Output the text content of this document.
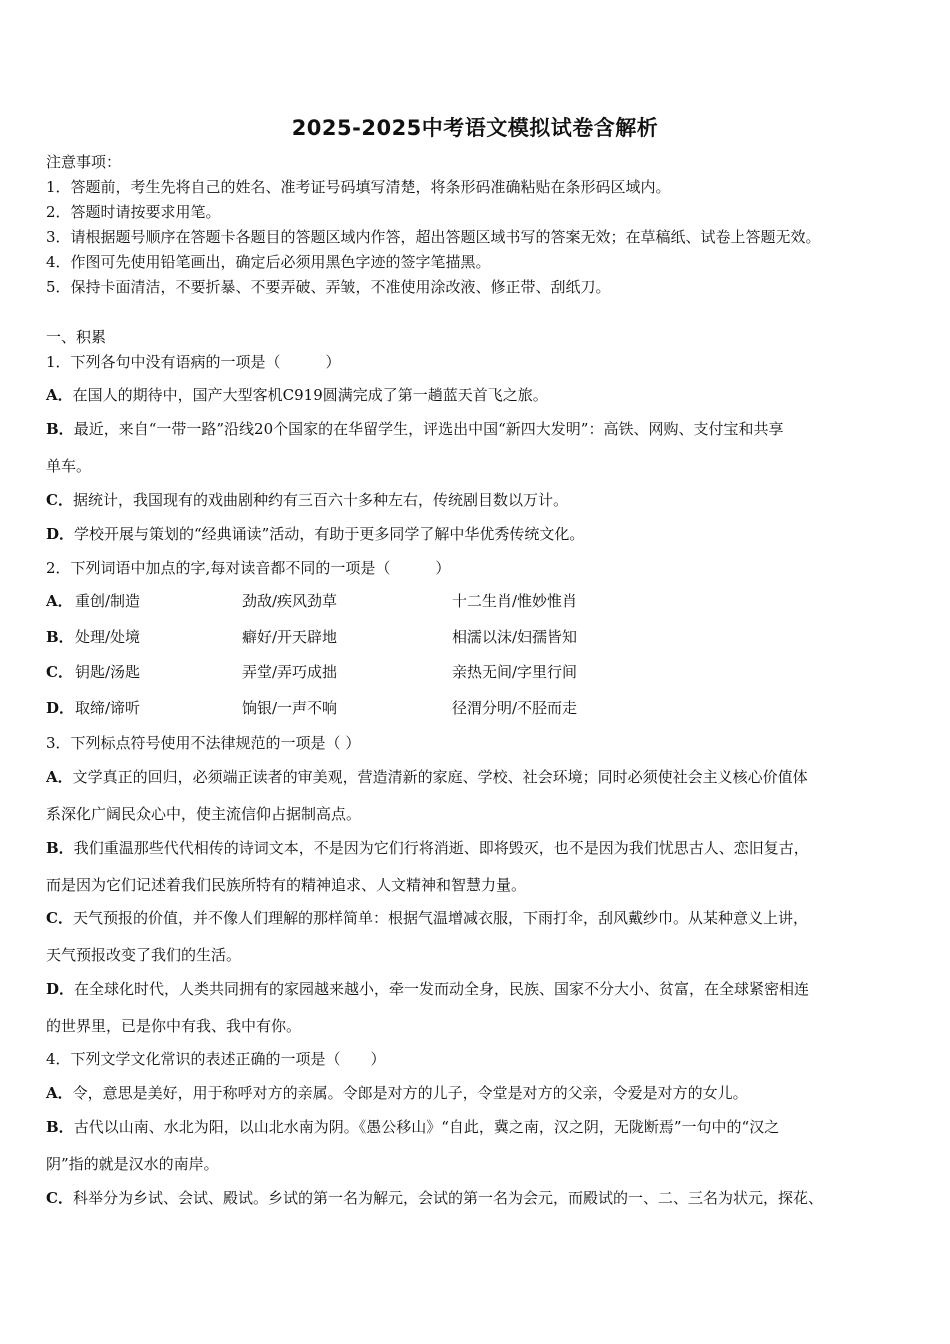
2025-2025中考语文模拟试卷含解析
注意事项：
1．答题前，考生先将自己的姓名、准考证号码填写清楚，将条形码准确粘贴在条形码区域内。
2．答题时请按要求用笔。
3．请根据题号顺序在答题卡各题目的答题区域内作答，超出答题区域书写的答案无效；在草稿纸、试卷上答题无效。
4．作图可先使用铅笔画出，确定后必须用黑色字迹的签字笔描黑。
5．保持卡面清洁，不要折暴、不要弄破、弄皱，不准使用涂改液、修正带、刮纸刀。
一、积累
1．下列各句中没有语病的一项是（　　　）
A．在国人的期待中，国产大型客机C919圆满完成了第一趟蓝天首飞之旅。
B．最近，来自“一带一路”沿线20个国家的在华留学生，评选出中国“新四大发明”：高铁、网购、支付宝和共享
单车。
C．据统计，我国现有的戏曲剧种约有三百六十多种左右，传统剧目数以万计。
D．学校开展与策划的“经典诵读”活动，有助于更多同学了解中华优秀传统文化。
2．下列词语中加点的字,每对读音都不同的一项是（　　　）
A． 重创/制造	劲敌/疾风劲草	十二生肖/惟妙惟肖
B． 处理/处境	癖好/开天辟地	相濡以沫/妇孺皆知
C． 钥匙/汤匙	弄堂/弄巧成拙	亲热无间/字里行间
D． 取缔/谛听	饷银/一声不响	径渭分明/不胫而走
3．下列标点符号使用不法律规范的一项是（ ）
A．文学真正的回归，必须端正读者的审美观，营造清新的家庭、学校、社会环境；同时必须使社会主义核心价值体
系深化广阔民众心中，使主流信仰占据制高点。
B．我们重温那些代代相传的诗词文本，不是因为它们行将消逝、即将毁灭，也不是因为我们忧思古人、恋旧复古，
而是因为它们记述着我们民族所特有的精神追求、人文精神和智慧力量。
C．天气预报的价值，并不像人们理解的那样简单：根据气温增减衣服，下雨打伞，刮风戴纱巾。从某种意义上讲，
天气预报改变了我们的生活。
D．在全球化时代，人类共同拥有的家园越来越小，牵一发而动全身，民族、国家不分大小、贫富，在全球紧密相连
的世界里，已是你中有我、我中有你。
4．下列文学文化常识的表述正确的一项是（　　）
A．令，意思是美好，用于称呼对方的亲属。令郎是对方的儿子，令堂是对方的父亲，令爱是对方的女儿。
B．古代以山南、水北为阳，以山北水南为阴。《愚公移山》“自此，冀之南，汉之阴，无陇断焉”一句中的“汉之
阴”指的就是汉水的南岸。
C．科举分为乡试、会试、殿试。乡试的第一名为解元，会试的第一名为会元，而殿试的一、二、三名为状元，探花、
